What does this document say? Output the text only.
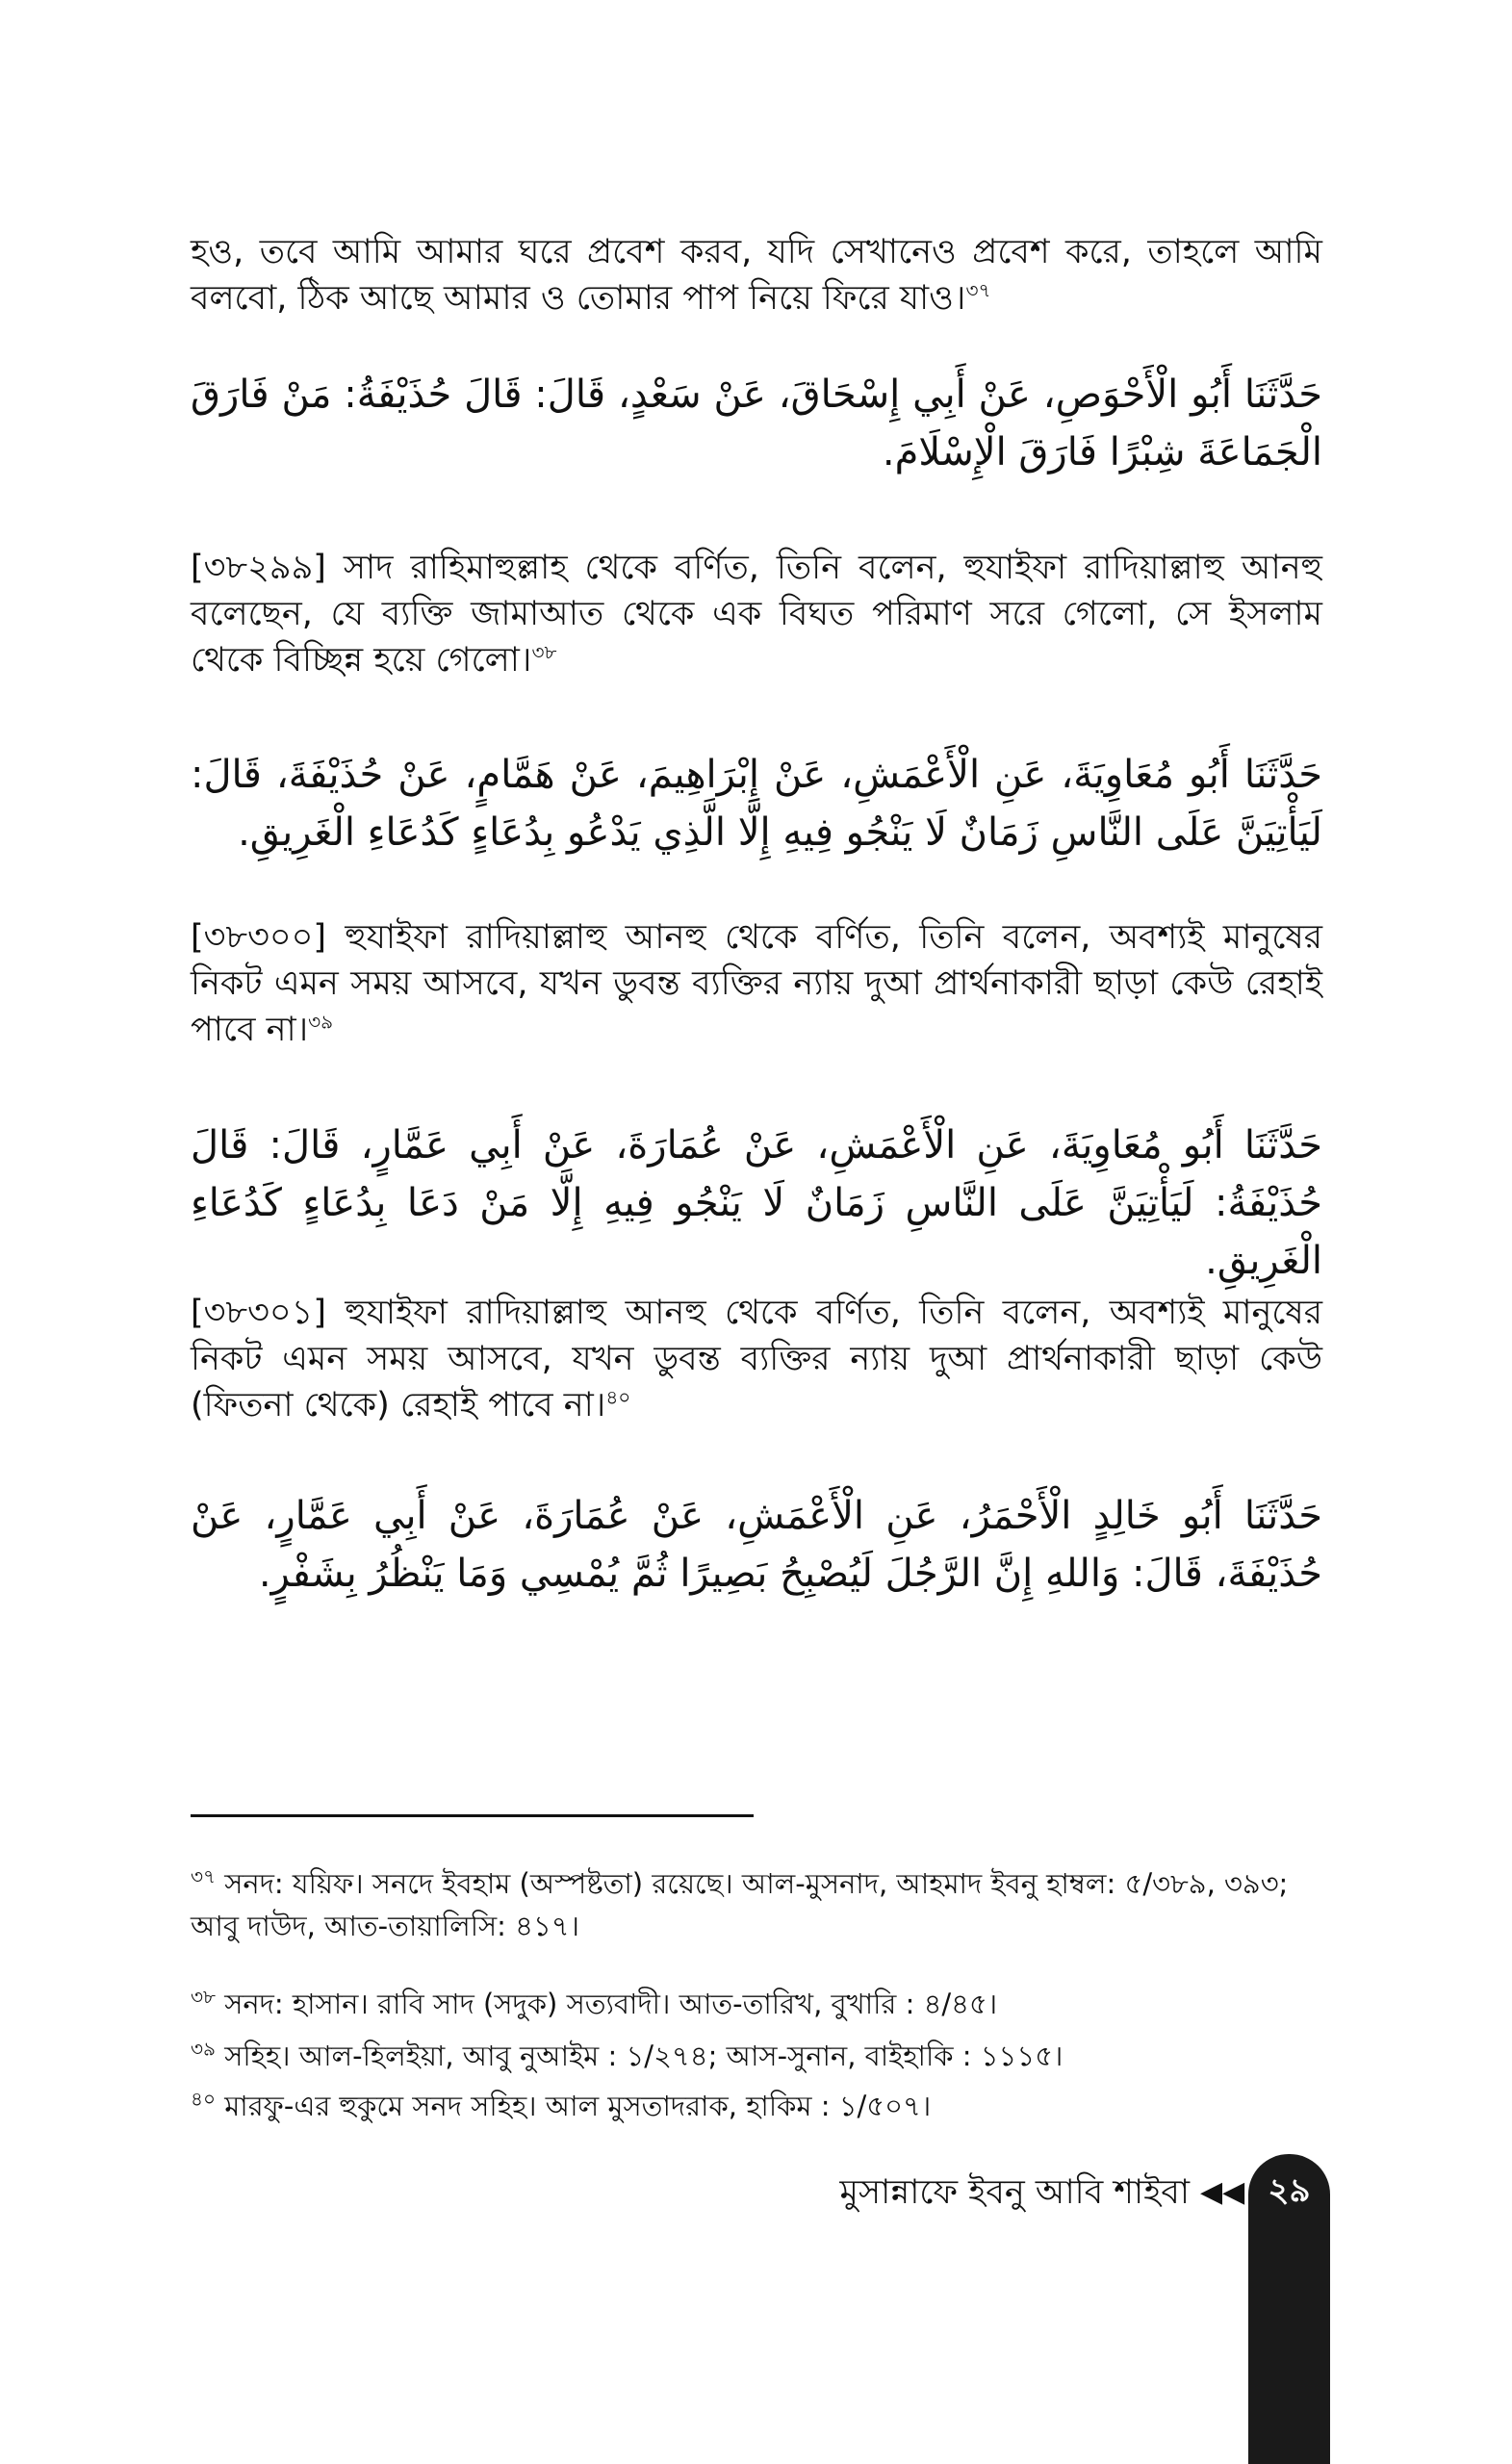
হও, তবে আমি আমার ঘরে প্রবেশ করব, যদি সেখানেও প্রবেশ করে, তাহলে আমি বলবো, ঠিক আছে আমার ও তোমার পাপ নিয়ে ফিরে যাও।$^{৩৭}$

حَدَّثَنَا أَبُو الْأَحْوَصِ، عَنْ أَبِي إِسْحَاقَ، عَنْ سَعْدٍ، قَالَ: قَالَ حُذَيْفَةُ: مَنْ فَارَقَ الْجَمَاعَةَ شِبْرًا فَارَقَ الْإِسْلَامَ.

[৩৮২৯৯] সাদ রাহিমাহুল্লাহ থেকে বর্ণিত, তিনি বলেন, হুযাইফা রাদিয়াল্লাহু আনহু বলেছেন, যে ব্যক্তি জামাআত থেকে এক বিঘত পরিমাণ সরে গেলো, সে ইসলাম থেকে বিচ্ছিন্ন হয়ে গেলো।$^{৩৮}$

حَدَّثَنَا أَبُو مُعَاوِيَةَ، عَنِ الْأَعْمَشِ، عَنْ إِبْرَاهِيمَ، عَنْ هَمَّامٍ، عَنْ حُذَيْفَةَ، قَالَ: لَيَأْتِيَنَّ عَلَى النَّاسِ زَمَانٌ لَا يَنْجُو فِيهِ إِلَّا الَّذِي يَدْعُو بِدُعَاءٍ كَدُعَاءِ الْغَرِيقِ.

[৩৮৩০০] হুযাইফা রাদিয়াল্লাহু আনহু থেকে বর্ণিত, তিনি বলেন, অবশ্যই মানুষের নিকট এমন সময় আসবে, যখন ডুবন্ত ব্যক্তির ন্যায় দুআ প্রার্থনাকারী ছাড়া কেউ রেহাই পাবে না।$^{৩৯}$

حَدَّثَنَا أَبُو مُعَاوِيَةَ، عَنِ الْأَعْمَشِ، عَنْ عُمَارَةَ، عَنْ أَبِي عَمَّارٍ، قَالَ: قَالَ حُذَيْفَةُ: لَيَأْتِيَنَّ عَلَى النَّاسِ زَمَانٌ لَا يَنْجُو فِيهِ إِلَّا مَنْ دَعَا بِدُعَاءٍ كَدُعَاءِ الْغَرِيقِ.

[৩৮৩০১] হুযাইফা রাদিয়াল্লাহু আনহু থেকে বর্ণিত, তিনি বলেন, অবশ্যই মানুষের নিকট এমন সময় আসবে, যখন ডুবন্ত ব্যক্তির ন্যায় দুআ প্রার্থনাকারী ছাড়া কেউ (ফিতনা থেকে) রেহাই পাবে না।$^{৪০}$

حَدَّثَنَا أَبُو خَالِدٍ الْأَحْمَرُ، عَنِ الْأَعْمَشِ، عَنْ عُمَارَةَ، عَنْ أَبِي عَمَّارٍ، عَنْ حُذَيْفَةَ، قَالَ: وَاللهِ إِنَّ الرَّجُلَ لَيُصْبِحُ بَصِيرًا ثُمَّ يُمْسِي وَمَا يَنْظُرُ بِشَفْرٍ.

$^{৩৭}$ সনদ: যয়িফ। সনদে ইবহাম (অস্পষ্টতা) রয়েছে। আল-মুসনাদ, আহমাদ ইবনু হাম্বল: ৫/৩৮৯, ৩৯৩; আবু দাউদ, আত-তায়ালিসি: ৪১৭।

$^{৩৮}$ সনদ: হাসান। রাবি সাদ (সদুক) সত্যবাদী। আত-তারিখ, বুখারি : ৪/৪৫।

$^{৩৯}$ সহিহ। আল-হিলইয়া, আবু নুআইম : ১/২৭৪; আস-সুনান, বাইহাকি : ১১১৫।

$^{৪০}$ মারফু-এর হুকুমে সনদ সহিহ। আল মুসতাদরাক, হাকিম : ১/৫০৭।

মুসান্নাফে ইবনু আবি শাইবা ◀◀ ২৯
